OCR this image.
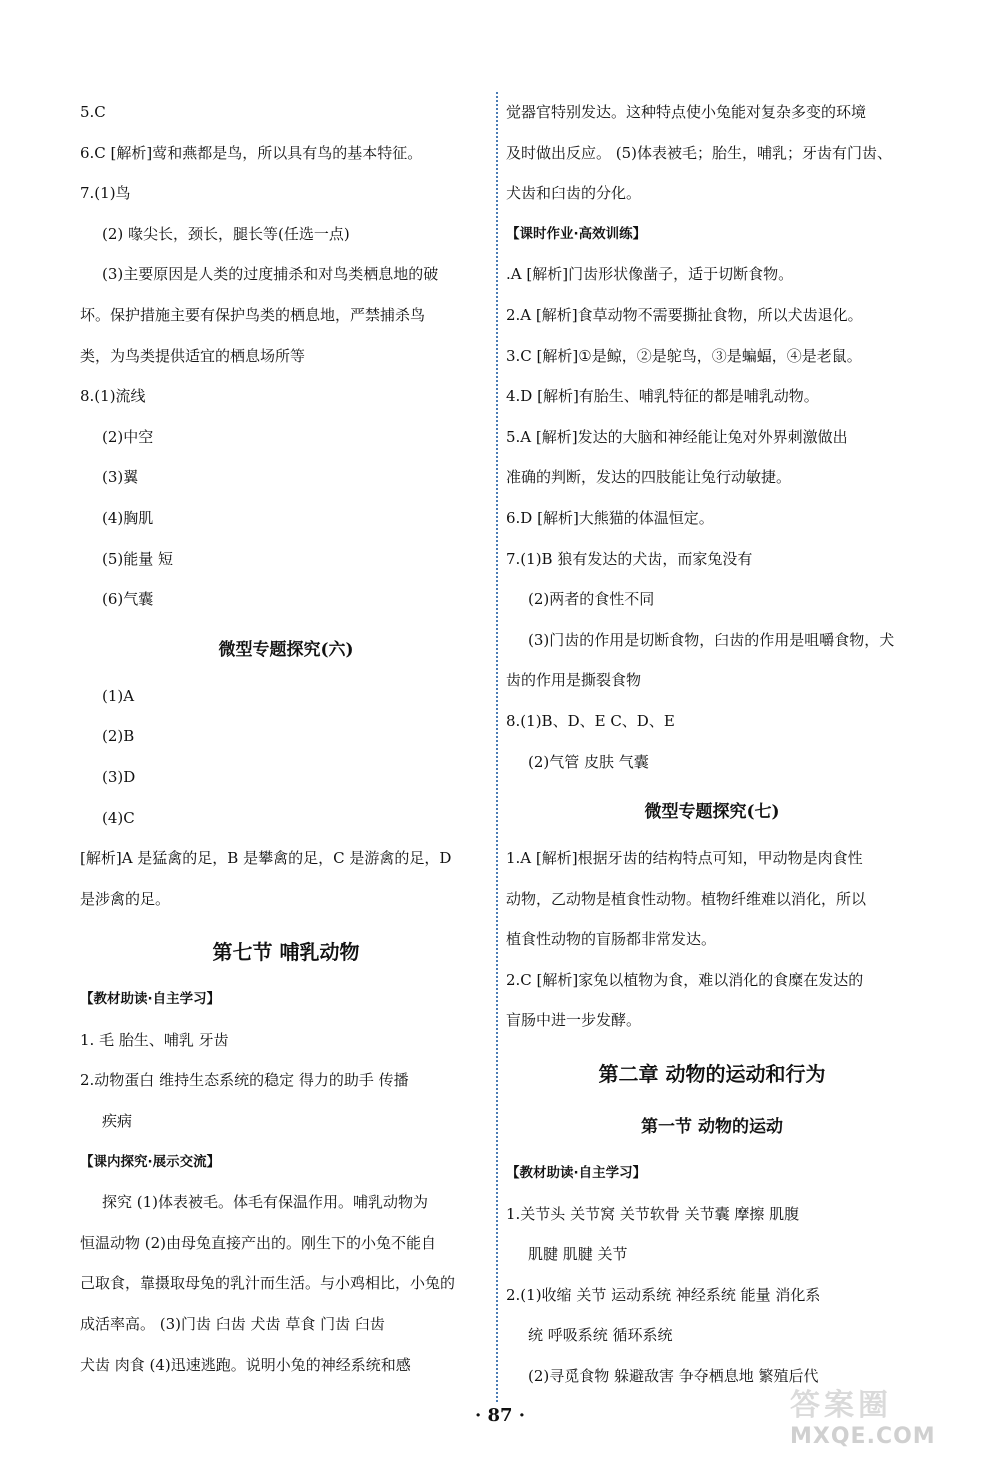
5.C
6.C [解析]莺和燕都是鸟，所以具有鸟的基本特征。
7.(1)鸟
(2) 喙尖长，颈长，腿长等(任选一点)
(3)主要原因是人类的过度捕杀和对鸟类栖息地的破
坏。保护措施主要有保护鸟类的栖息地，严禁捕杀鸟
类，为鸟类提供适宜的栖息场所等
8.(1)流线
(2)中空
(3)翼
(4)胸肌
(5)能量 短
(6)气囊
微型专题探究(六)
(1)A
(2)B
(3)D
(4)C
[解析]A 是猛禽的足，B 是攀禽的足，C 是游禽的足，D
是涉禽的足。
第七节 哺乳动物
【教材助读·自主学习】
1. 毛 胎生、哺乳 牙齿
2.动物蛋白 维持生态系统的稳定 得力的助手 传播
疾病
【课内探究·展示交流】
探究 (1)体表被毛。体毛有保温作用。哺乳动物为
恒温动物 (2)由母兔直接产出的。刚生下的小兔不能自
己取食，靠摄取母兔的乳汁而生活。与小鸡相比，小兔的
成活率高。 (3)门齿 臼齿 犬齿 草食 门齿 臼齿
犬齿 肉食 (4)迅速逃跑。说明小兔的神经系统和感
觉器官特别发达。这种特点使小兔能对复杂多变的环境
及时做出反应。 (5)体表被毛；胎生，哺乳；牙齿有门齿、
犬齿和臼齿的分化。
【课时作业·高效训练】
.A [解析]门齿形状像凿子，适于切断食物。
2.A [解析]食草动物不需要撕扯食物，所以犬齿退化。
3.C [解析]①是鲸，②是鸵鸟，③是蝙蝠，④是老鼠。
4.D [解析]有胎生、哺乳特征的都是哺乳动物。
5.A [解析]发达的大脑和神经能让兔对外界刺激做出
准确的判断，发达的四肢能让兔行动敏捷。
6.D [解析]大熊猫的体温恒定。
7.(1)B 狼有发达的犬齿，而家兔没有
(2)两者的食性不同
(3)门齿的作用是切断食物，臼齿的作用是咀嚼食物，犬
齿的作用是撕裂食物
8.(1)B、D、E C、D、E
(2)气管 皮肤 气囊
微型专题探究(七)
1.A [解析]根据牙齿的结构特点可知，甲动物是肉食性
动物，乙动物是植食性动物。植物纤维难以消化，所以
植食性动物的盲肠都非常发达。
2.C [解析]家兔以植物为食，难以消化的食糜在发达的
盲肠中进一步发酵。
第二章 动物的运动和行为
第一节 动物的运动
【教材助读·自主学习】
1.关节头 关节窝 关节软骨 关节囊 摩擦 肌腹
肌腱 肌腱 关节
2.(1)收缩 关节 运动系统 神经系统 能量 消化系
统 呼吸系统 循环系统
(2)寻觅食物 躲避敌害 争夺栖息地 繁殖后代
· 87 ·	答案圈
MXQE.COM
